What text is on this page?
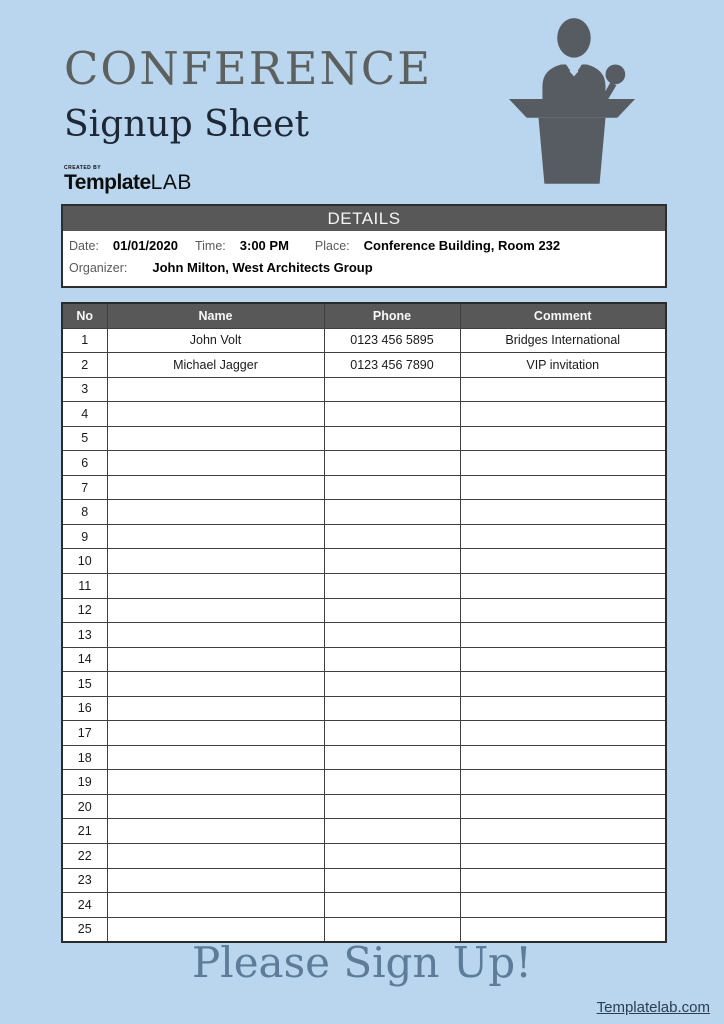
CONFERENCE
Signup Sheet
CREATED BY
TemplateLAB
DETAILS
Date: 01/01/2020 Time: 3:00 PM Place: Conference Building, Room 232
Organizer: John Milton, West Architects Group
No	Name	Phone	Comment
1	John Volt	0123 456 5895	Bridges International
2	Michael Jagger	0123 456 7890	VIP invitation
3			
4			
5			
6			
7			
8			
9			
10			
11			
12			
13			
14			
15			
16			
17			
18			
19			
20			
21			
22			
23			
24			
25			
Please Sign Up!
Templatelab.com
